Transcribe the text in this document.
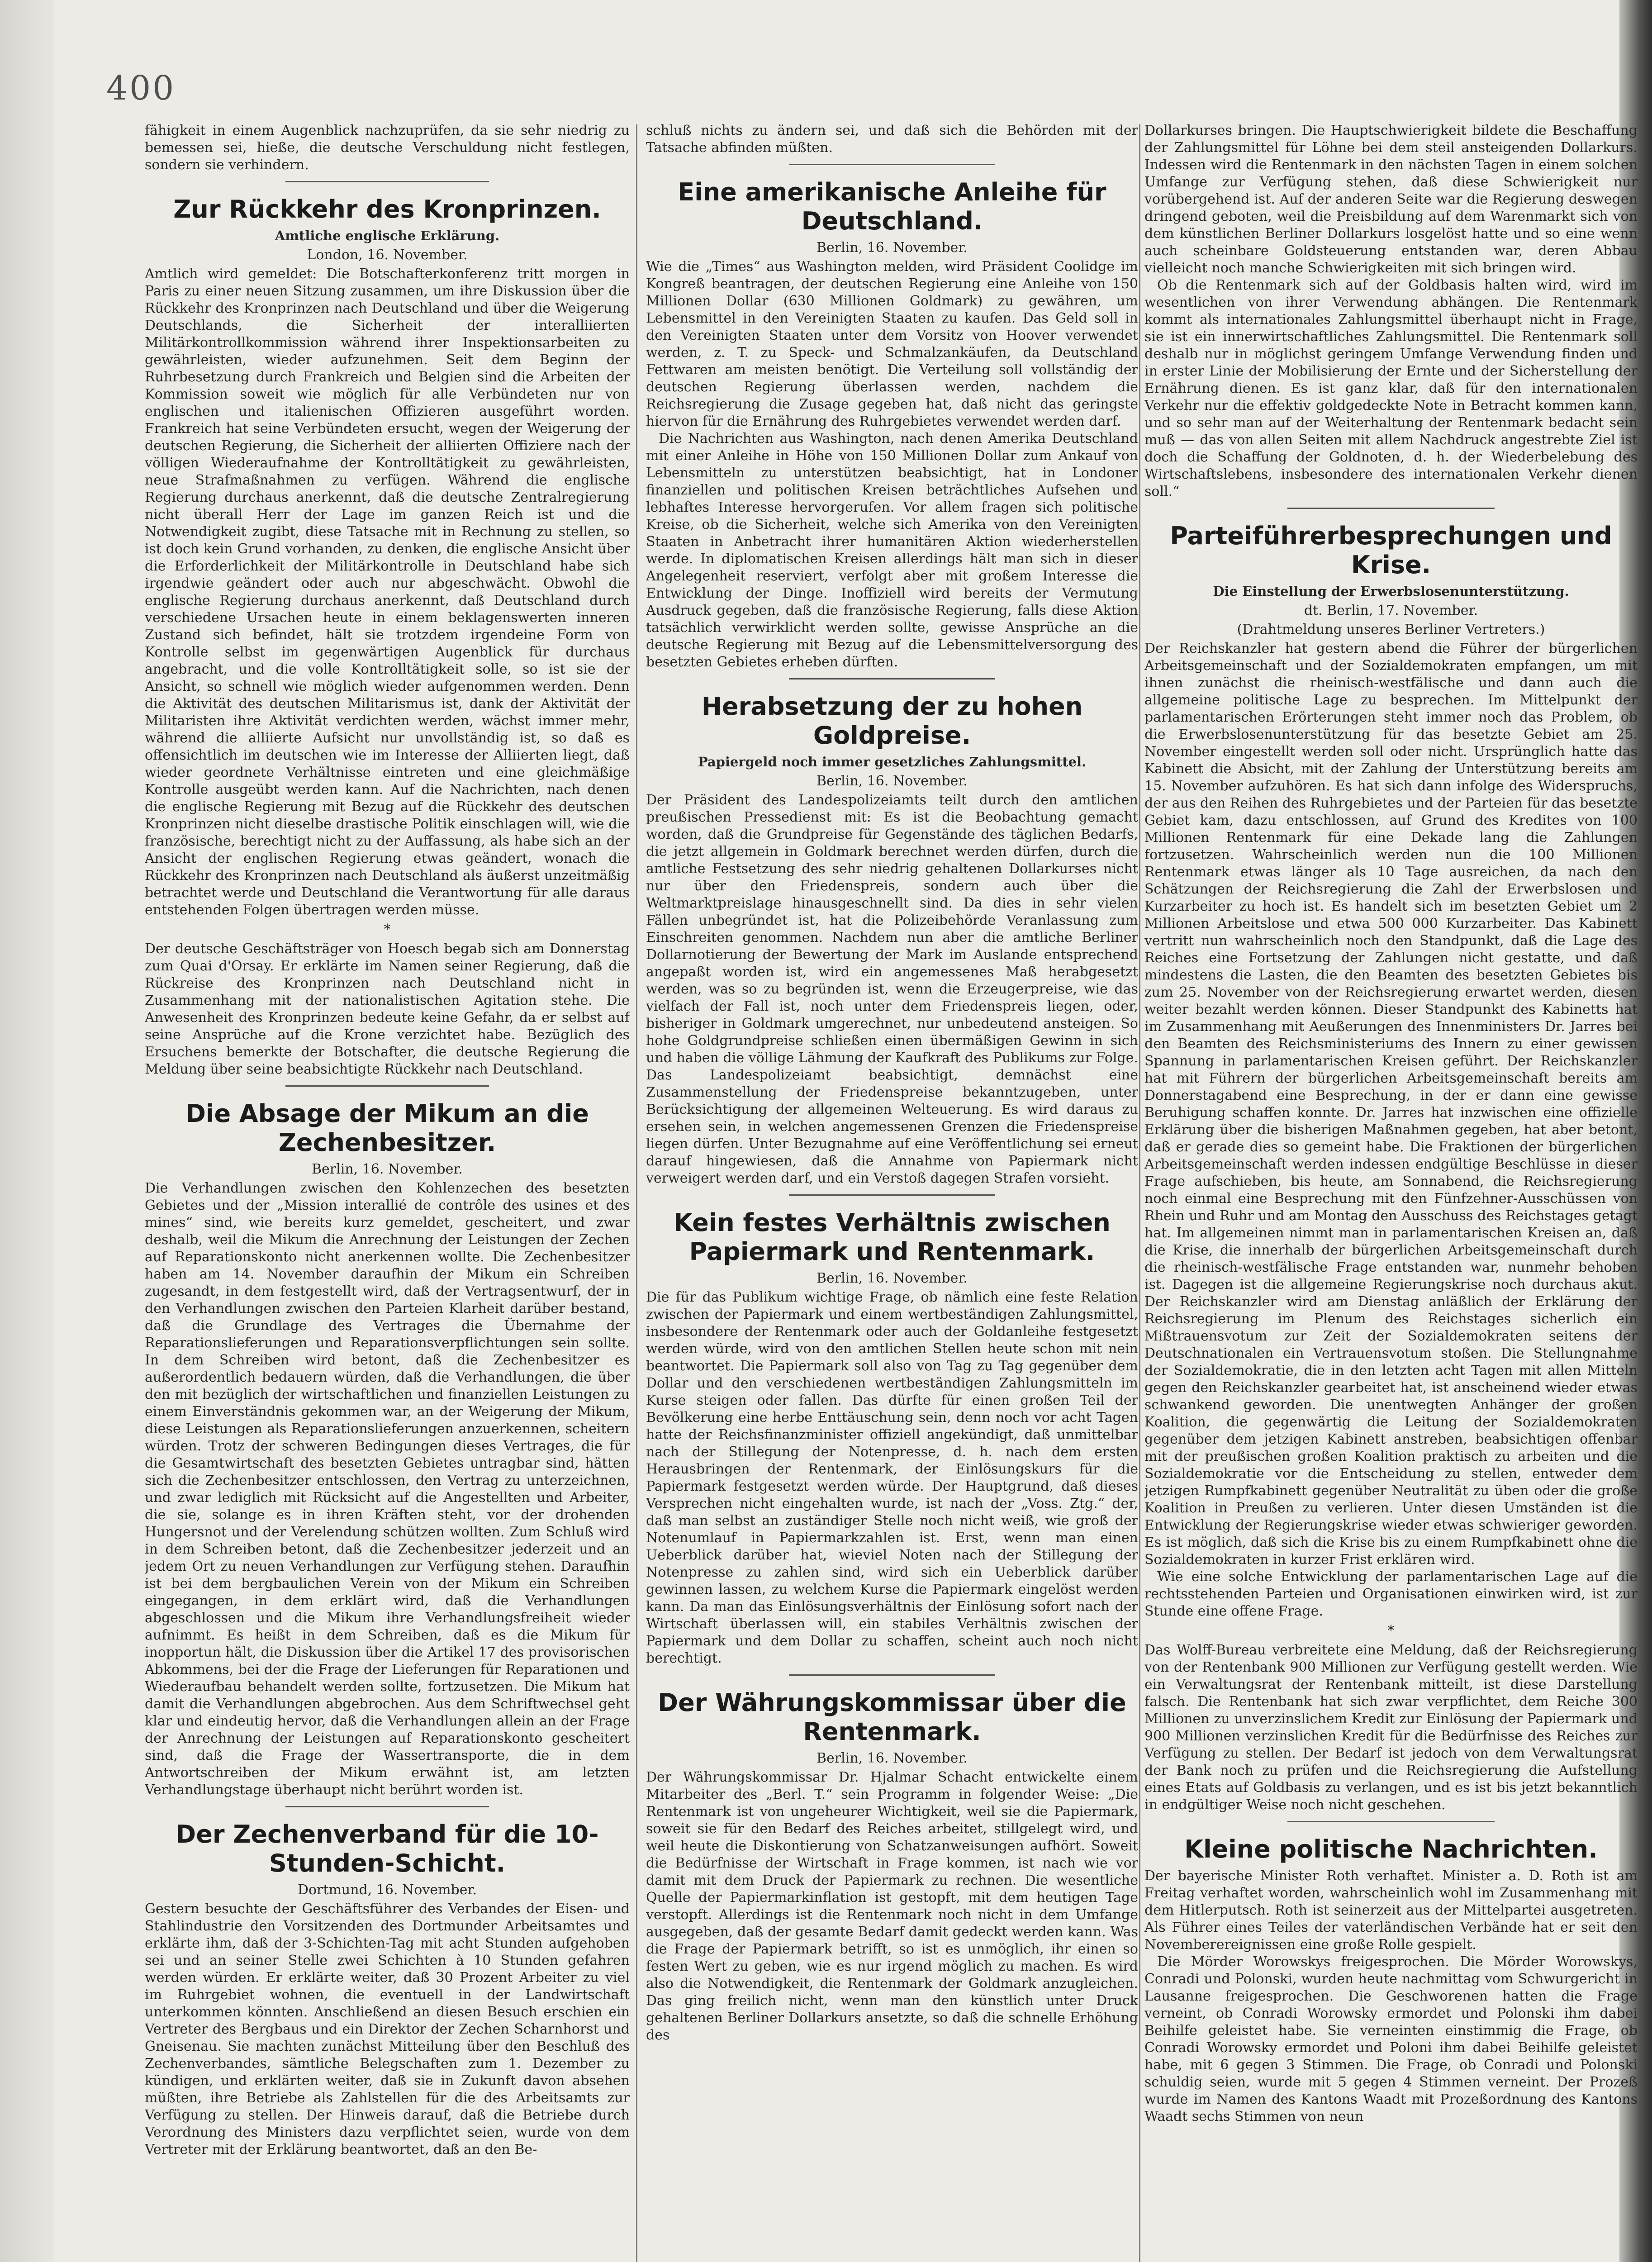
400

fähigkeit in einem Augenblick nachzuprüfen, da sie sehr niedrig zu bemessen sei, hieße, die deutsche Verschuldung nicht festlegen, sondern sie verhindern.

Zur Rückkehr des Kronprinzen.
Amtliche englische Erklärung.
London, 16. November.

Amtlich wird gemeldet: Die Botschafterkonferenz tritt morgen in Paris zu einer neuen Sitzung zusammen, um ihre Diskussion über die Rückkehr des Kronprinzen nach Deutschland und über die Weigerung Deutschlands, die Sicherheit der interalliierten Militärkontrollkommission während ihrer Inspektionsarbeiten zu gewährleisten, wieder aufzunehmen. Seit dem Beginn der Ruhrbesetzung durch Frankreich und Belgien sind die Arbeiten der Kommission soweit wie möglich für alle Verbündeten nur von englischen und italienischen Offizieren ausgeführt worden. Frankreich hat seine Verbündeten ersucht, wegen der Weigerung der deutschen Regierung, die Sicherheit der alliierten Offiziere nach der völligen Wiederaufnahme der Kontrolltätigkeit zu gewährleisten, neue Strafmaßnahmen zu verfügen. Während die englische Regierung durchaus anerkennt, daß die deutsche Zentralregierung nicht überall Herr der Lage im ganzen Reich ist und die Notwendigkeit zugibt, diese Tatsache mit in Rechnung zu stellen, so ist doch kein Grund vorhanden, zu denken, die englische Ansicht über die Erforderlichkeit der Militärkontrolle in Deutschland habe sich irgendwie geändert oder auch nur abgeschwächt. Obwohl die englische Regierung durchaus anerkennt, daß Deutschland durch verschiedene Ursachen heute in einem beklagenswerten inneren Zustand sich befindet, hält sie trotzdem irgendeine Form von Kontrolle selbst im gegenwärtigen Augenblick für durchaus angebracht, und die volle Kontrolltätigkeit solle, so ist sie der Ansicht, so schnell wie möglich wieder aufgenommen werden. Denn die Aktivität des deutschen Militarismus ist, dank der Aktivität der Militaristen ihre Aktivität verdichten werden, wächst immer mehr, während die alliierte Aufsicht nur unvollständig ist, so daß es offensichtlich im deutschen wie im Interesse der Alliierten liegt, daß wieder geordnete Verhältnisse eintreten und eine gleichmäßige Kontrolle ausgeübt werden kann. Auf die Nachrichten, nach denen die englische Regierung mit Bezug auf die Rückkehr des deutschen Kronprinzen nicht dieselbe drastische Politik einschlagen will, wie die französische, berechtigt nicht zu der Auffassung, als habe sich an der Ansicht der englischen Regierung etwas geändert, wonach die Rückkehr des Kronprinzen nach Deutschland als äußerst unzeitmäßig betrachtet werde und Deutschland die Verantwortung für alle daraus entstehenden Folgen übertragen werden müsse.

*

Der deutsche Geschäftsträger von Hoesch begab sich am Donnerstag zum Quai d'Orsay. Er erklärte im Namen seiner Regierung, daß die Rückreise des Kronprinzen nach Deutschland nicht in Zusammenhang mit der nationalistischen Agitation stehe. Die Anwesenheit des Kronprinzen bedeute keine Gefahr, da er selbst auf seine Ansprüche auf die Krone verzichtet habe. Bezüglich des Ersuchens bemerkte der Botschafter, die deutsche Regierung die Meldung über seine beabsichtigte Rückkehr nach Deutschland.

Die Absage der Mikum an die Zechenbesitzer.
Berlin, 16. November.

Die Verhandlungen zwischen den Kohlenzechen des besetzten Gebietes und der „Mission interallié de contrôle des usines et des mines“ sind, wie bereits kurz gemeldet, gescheitert, und zwar deshalb, weil die Mikum die Anrechnung der Leistungen der Zechen auf Reparationskonto nicht anerkennen wollte. Die Zechenbesitzer haben am 14. November daraufhin der Mikum ein Schreiben zugesandt, in dem festgestellt wird, daß der Vertragsentwurf, der in den Verhandlungen zwischen den Parteien Klarheit darüber bestand, daß die Grundlage des Vertrages die Übernahme der Reparationslieferungen und Reparationsverpflichtungen sein sollte. In dem Schreiben wird betont, daß die Zechenbesitzer es außerordentlich bedauern würden, daß die Verhandlungen, die über den mit bezüglich der wirtschaftlichen und finanziellen Leistungen zu einem Einverständnis gekommen war, an der Weigerung der Mikum, diese Leistungen als Reparationslieferungen anzuerkennen, scheitern würden. Trotz der schweren Bedingungen dieses Vertrages, die für die Gesamtwirtschaft des besetzten Gebietes untragbar sind, hätten sich die Zechenbesitzer entschlossen, den Vertrag zu unterzeichnen, und zwar lediglich mit Rücksicht auf die Angestellten und Arbeiter, die sie, solange es in ihren Kräften steht, vor der drohenden Hungersnot und der Verelendung schützen wollten. Zum Schluß wird in dem Schreiben betont, daß die Zechenbesitzer jederzeit und an jedem Ort zu neuen Verhandlungen zur Verfügung stehen. Daraufhin ist bei dem bergbaulichen Verein von der Mikum ein Schreiben eingegangen, in dem erklärt wird, daß die Verhandlungen abgeschlossen und die Mikum ihre Verhandlungsfreiheit wieder aufnimmt. Es heißt in dem Schreiben, daß es die Mikum für inopportun hält, die Diskussion über die Artikel 17 des provisorischen Abkommens, bei der die Frage der Lieferungen für Reparationen und Wiederaufbau behandelt werden sollte, fortzusetzen. Die Mikum hat damit die Verhandlungen abgebrochen. Aus dem Schriftwechsel geht klar und eindeutig hervor, daß die Verhandlungen allein an der Frage der Anrechnung der Leistungen auf Reparationskonto gescheitert sind, daß die Frage der Wassertransporte, die in dem Antwortschreiben der Mikum erwähnt ist, am letzten Verhandlungstage überhaupt nicht berührt worden ist.

Der Zechenverband für die 10-Stunden-Schicht.
Dortmund, 16. November.

Gestern besuchte der Geschäftsführer des Verbandes der Eisen- und Stahlindustrie den Vorsitzenden des Dortmunder Arbeitsamtes und erklärte ihm, daß der 3-Schichten-Tag mit acht Stunden aufgehoben sei und an seiner Stelle zwei Schichten à 10 Stunden gefahren werden würden. Er erklärte weiter, daß 30 Prozent Arbeiter zu viel im Ruhrgebiet wohnen, die eventuell in der Landwirtschaft unterkommen könnten. Anschließend an diesen Besuch erschien ein Vertreter des Bergbaus und ein Direktor der Zechen Scharnhorst und Gneisenau. Sie machten zunächst Mitteilung über den Beschluß des Zechenverbandes, sämtliche Belegschaften zum 1. Dezember zu kündigen, und erklärten weiter, daß sie in Zukunft davon absehen müßten, ihre Betriebe als Zahlstellen für die des Arbeitsamts zur Verfügung zu stellen. Der Hinweis darauf, daß die Betriebe durch Verordnung des Ministers dazu verpflichtet seien, wurde von dem Vertreter mit der Erklärung beantwortet, daß an den Be-

schluß nichts zu ändern sei, und daß sich die Behörden mit der Tatsache abfinden müßten.

Eine amerikanische Anleihe für Deutschland.
Berlin, 16. November.

Wie die „Times“ aus Washington melden, wird Präsident Coolidge im Kongreß beantragen, der deutschen Regierung eine Anleihe von 150 Millionen Dollar (630 Millionen Goldmark) zu gewähren, um Lebensmittel in den Vereinigten Staaten zu kaufen. Das Geld soll in den Vereinigten Staaten unter dem Vorsitz von Hoover verwendet werden, z. T. zu Speck- und Schmalzankäufen, da Deutschland Fettwaren am meisten benötigt. Die Verteilung soll vollständig der deutschen Regierung überlassen werden, nachdem die Reichsregierung die Zusage gegeben hat, daß nicht das geringste hiervon für die Ernährung des Ruhrgebietes verwendet werden darf.

Die Nachrichten aus Washington, nach denen Amerika Deutschland mit einer Anleihe in Höhe von 150 Millionen Dollar zum Ankauf von Lebensmitteln zu unterstützen beabsichtigt, hat in Londoner finanziellen und politischen Kreisen beträchtliches Aufsehen und lebhaftes Interesse hervorgerufen. Vor allem fragen sich politische Kreise, ob die Sicherheit, welche sich Amerika von den Vereinigten Staaten in Anbetracht ihrer humanitären Aktion wiederherstellen werde. In diplomatischen Kreisen allerdings hält man sich in dieser Angelegenheit reserviert, verfolgt aber mit großem Interesse die Entwicklung der Dinge. Inoffiziell wird bereits der Vermutung Ausdruck gegeben, daß die französische Regierung, falls diese Aktion tatsächlich verwirklicht werden sollte, gewisse Ansprüche an die deutsche Regierung mit Bezug auf die Lebensmittelversorgung des besetzten Gebietes erheben dürften.

Herabsetzung der zu hohen Goldpreise.
Papiergeld noch immer gesetzliches Zahlungsmittel.
Berlin, 16. November.

Der Präsident des Landespolizeiamts teilt durch den amtlichen preußischen Pressedienst mit: Es ist die Beobachtung gemacht worden, daß die Grundpreise für Gegenstände des täglichen Bedarfs, die jetzt allgemein in Goldmark berechnet werden dürfen, durch die amtliche Festsetzung des sehr niedrig gehaltenen Dollarkurses nicht nur über den Friedenspreis, sondern auch über die Weltmarktpreislage hinausgeschnellt sind. Da dies in sehr vielen Fällen unbegründet ist, hat die Polizeibehörde Veranlassung zum Einschreiten genommen. Nachdem nun aber die amtliche Berliner Dollarnotierung der Bewertung der Mark im Auslande entsprechend angepaßt worden ist, wird ein angemessenes Maß herabgesetzt werden, was so zu begründen ist, wenn die Erzeugerpreise, wie das vielfach der Fall ist, noch unter dem Friedenspreis liegen, oder, bisheriger in Goldmark umgerechnet, nur unbedeutend ansteigen. So hohe Goldgrundpreise schließen einen übermäßigen Gewinn in sich und haben die völlige Lähmung der Kaufkraft des Publikums zur Folge. Das Landespolizeiamt beabsichtigt, demnächst eine Zusammenstellung der Friedenspreise bekanntzugeben, unter Berücksichtigung der allgemeinen Welteuerung. Es wird daraus zu ersehen sein, in welchen angemessenen Grenzen die Friedenspreise liegen dürfen. Unter Bezugnahme auf eine Veröffentlichung sei erneut darauf hingewiesen, daß die Annahme von Papiermark nicht verweigert werden darf, und ein Verstoß dagegen Strafen vorsieht.

Kein festes Verhältnis zwischen Papiermark und Rentenmark.
Berlin, 16. November.

Die für das Publikum wichtige Frage, ob nämlich eine feste Relation zwischen der Papiermark und einem wertbeständigen Zahlungsmittel, insbesondere der Rentenmark oder auch der Goldanleihe festgesetzt werden würde, wird von den amtlichen Stellen heute schon mit nein beantwortet. Die Papiermark soll also von Tag zu Tag gegenüber dem Dollar und den verschiedenen wertbeständigen Zahlungsmitteln im Kurse steigen oder fallen. Das dürfte für einen großen Teil der Bevölkerung eine herbe Enttäuschung sein, denn noch vor acht Tagen hatte der Reichsfinanzminister offiziell angekündigt, daß unmittelbar nach der Stillegung der Notenpresse, d. h. nach dem ersten Herausbringen der Rentenmark, der Einlösungskurs für die Papiermark festgesetzt werden würde. Der Hauptgrund, daß dieses Versprechen nicht eingehalten wurde, ist nach der „Voss. Ztg.“ der, daß man selbst an zuständiger Stelle noch nicht weiß, wie groß der Notenumlauf in Papiermarkzahlen ist. Erst, wenn man einen Ueberblick darüber hat, wieviel Noten nach der Stillegung der Notenpresse zu zahlen sind, wird sich ein Ueberblick darüber gewinnen lassen, zu welchem Kurse die Papiermark eingelöst werden kann. Da man das Einlösungsverhältnis der Einlösung sofort nach der Wirtschaft überlassen will, ein stabiles Verhältnis zwischen der Papiermark und dem Dollar zu schaffen, scheint auch noch nicht berechtigt.

Der Währungskommissar über die Rentenmark.
Berlin, 16. November.

Der Währungskommissar Dr. Hjalmar Schacht entwickelte einem Mitarbeiter des „Berl. T.“ sein Programm in folgender Weise: „Die Rentenmark ist von ungeheurer Wichtigkeit, weil sie die Papiermark, soweit sie für den Bedarf des Reiches arbeitet, stillgelegt wird, und weil heute die Diskontierung von Schatzanweisungen aufhört. Soweit die Bedürfnisse der Wirtschaft in Frage kommen, ist nach wie vor damit mit dem Druck der Papiermark zu rechnen. Die wesentliche Quelle der Papiermarkinflation ist gestopft, mit dem heutigen Tage verstopft. Allerdings ist die Rentenmark noch nicht in dem Umfange ausgegeben, daß der gesamte Bedarf damit gedeckt werden kann. Was die Frage der Papiermark betrifft, so ist es unmöglich, ihr einen so festen Wert zu geben, wie es nur irgend möglich zu machen. Es wird also die Notwendigkeit, die Rentenmark der Goldmark anzugleichen. Das ging freilich nicht, wenn man den künstlich unter Druck gehaltenen Berliner Dollarkurs ansetzte, so daß die schnelle Erhöhung des

Dollarkurses bringen. Die Hauptschwierigkeit bildete die Beschaffung der Zahlungsmittel für Löhne bei dem steil ansteigenden Dollarkurs. Indessen wird die Rentenmark in den nächsten Tagen in einem solchen Umfange zur Verfügung stehen, daß diese Schwierigkeit nur vorübergehend ist. Auf der anderen Seite war die Regierung deswegen dringend geboten, weil die Preisbildung auf dem Warenmarkt sich von dem künstlichen Berliner Dollarkurs losgelöst hatte und so eine wenn auch scheinbare Goldsteuerung entstanden war, deren Abbau vielleicht noch manche Schwierigkeiten mit sich bringen wird.

Ob die Rentenmark sich auf der Goldbasis halten wird, wird im wesentlichen von ihrer Verwendung abhängen. Die Rentenmark kommt als internationales Zahlungsmittel überhaupt nicht in Frage, sie ist ein innerwirtschaftliches Zahlungsmittel. Die Rentenmark soll deshalb nur in möglichst geringem Umfange Verwendung finden und in erster Linie der Mobilisierung der Ernte und der Sicherstellung der Ernährung dienen. Es ist ganz klar, daß für den internationalen Verkehr nur die effektiv goldgedeckte Note in Betracht kommen kann, und so sehr man auf der Weiterhaltung der Rentenmark bedacht sein muß — das von allen Seiten mit allem Nachdruck angestrebte Ziel ist doch die Schaffung der Goldnoten, d. h. der Wiederbelebung des Wirtschaftslebens, insbesondere des internationalen Verkehr dienen soll.“

Parteiführerbesprechungen und Krise.
Die Einstellung der Erwerbslosenunterstützung.
dt. Berlin, 17. November.
(Drahtmeldung unseres Berliner Vertreters.)

Der Reichskanzler hat gestern abend die Führer der bürgerlichen Arbeitsgemeinschaft und der Sozialdemokraten empfangen, um mit ihnen zunächst die rheinisch-westfälische und dann auch die allgemeine politische Lage zu besprechen. Im Mittelpunkt der parlamentarischen Erörterungen steht immer noch das Problem, ob die Erwerbslosenunterstützung für das besetzte Gebiet am 25. November eingestellt werden soll oder nicht. Ursprünglich hatte das Kabinett die Absicht, mit der Zahlung der Unterstützung bereits am 15. November aufzuhören. Es hat sich dann infolge des Widerspruchs, der aus den Reihen des Ruhrgebietes und der Parteien für das besetzte Gebiet kam, dazu entschlossen, auf Grund des Kredites von 100 Millionen Rentenmark für eine Dekade lang die Zahlungen fortzusetzen. Wahrscheinlich werden nun die 100 Millionen Rentenmark etwas länger als 10 Tage ausreichen, da nach den Schätzungen der Reichsregierung die Zahl der Erwerbslosen und Kurzarbeiter zu hoch ist. Es handelt sich im besetzten Gebiet um 2 Millionen Arbeitslose und etwa 500 000 Kurzarbeiter. Das Kabinett vertritt nun wahrscheinlich noch den Standpunkt, daß die Lage des Reiches eine Fortsetzung der Zahlungen nicht gestatte, und daß mindestens die Lasten, die den Beamten des besetzten Gebietes bis zum 25. November von der Reichsregierung erwartet werden, diesen weiter bezahlt werden können. Dieser Standpunkt des Kabinetts hat im Zusammenhang mit Aeußerungen des Innenministers Dr. Jarres bei den Beamten des Reichsministeriums des Innern zu einer gewissen Spannung in parlamentarischen Kreisen geführt. Der Reichskanzler hat mit Führern der bürgerlichen Arbeitsgemeinschaft bereits am Donnerstagabend eine Besprechung, in der er dann eine gewisse Beruhigung schaffen konnte. Dr. Jarres hat inzwischen eine offizielle Erklärung über die bisherigen Maßnahmen gegeben, hat aber betont, daß er gerade dies so gemeint habe. Die Fraktionen der bürgerlichen Arbeitsgemeinschaft werden indessen endgültige Beschlüsse in dieser Frage aufschieben, bis heute, am Sonnabend, die Reichsregierung noch einmal eine Besprechung mit den Fünfzehner-Ausschüssen von Rhein und Ruhr und am Montag den Ausschuss des Reichstages getagt hat. Im allgemeinen nimmt man in parlamentarischen Kreisen an, daß die Krise, die innerhalb der bürgerlichen Arbeitsgemeinschaft durch die rheinisch-westfälische Frage entstanden war, nunmehr behoben ist. Dagegen ist die allgemeine Regierungskrise noch durchaus akut. Der Reichskanzler wird am Dienstag anläßlich der Erklärung der Reichsregierung im Plenum des Reichstages sicherlich ein Mißtrauensvotum zur Zeit der Sozialdemokraten seitens der Deutschnationalen ein Vertrauensvotum stoßen. Die Stellungnahme der Sozialdemokratie, die in den letzten acht Tagen mit allen Mitteln gegen den Reichskanzler gearbeitet hat, ist anscheinend wieder etwas schwankend geworden. Die unentwegten Anhänger der großen Koalition, die gegenwärtig die Leitung der Sozialdemokraten gegenüber dem jetzigen Kabinett anstreben, beabsichtigen offenbar mit der preußischen großen Koalition praktisch zu arbeiten und die Sozialdemokratie vor die Entscheidung zu stellen, entweder dem jetzigen Rumpfkabinett gegenüber Neutralität zu üben oder die große Koalition in Preußen zu verlieren. Unter diesen Umständen ist die Entwicklung der Regierungskrise wieder etwas schwieriger geworden. Es ist möglich, daß sich die Krise bis zu einem Rumpfkabinett ohne die Sozialdemokraten in kurzer Frist erklären wird.

Wie eine solche Entwicklung der parlamentarischen Lage auf die rechtsstehenden Parteien und Organisationen einwirken wird, ist zur Stunde eine offene Frage.

*

Das Wolff-Bureau verbreitete eine Meldung, daß der Reichsregierung von der Rentenbank 900 Millionen zur Verfügung gestellt werden. Wie ein Verwaltungsrat der Rentenbank mitteilt, ist diese Darstellung falsch. Die Rentenbank hat sich zwar verpflichtet, dem Reiche 300 Millionen zu unverzinslichem Kredit zur Einlösung der Papiermark und 900 Millionen verzinslichen Kredit für die Bedürfnisse des Reiches zur Verfügung zu stellen. Der Bedarf ist jedoch von dem Verwaltungsrat der Bank noch zu prüfen und die Reichsregierung die Aufstellung eines Etats auf Goldbasis zu verlangen, und es ist bis jetzt bekanntlich in endgültiger Weise noch nicht geschehen.

Kleine politische Nachrichten.

Der bayerische Minister Roth verhaftet. Minister a. D. Roth ist am Freitag verhaftet worden, wahrscheinlich wohl im Zusammenhang mit dem Hitlerputsch. Roth ist seinerzeit aus der Mittelpartei ausgetreten. Als Führer eines Teiles der vaterländischen Verbände hat er seit den Novemberereignissen eine große Rolle gespielt.

Die Mörder Worowskys freigesprochen. Die Mörder Worowskys, Conradi und Polonski, wurden heute nachmittag vom Schwurgericht in Lausanne freigesprochen. Die Geschworenen hatten die Frage verneint, ob Conradi Worowsky ermordet und Polonski ihm dabei Beihilfe geleistet habe. Sie verneinten einstimmig die Frage, ob Conradi Worowsky ermordet und Poloni ihm dabei Beihilfe geleistet habe, mit 6 gegen 3 Stimmen. Die Frage, ob Conradi und Polonski schuldig seien, wurde mit 5 gegen 4 Stimmen verneint. Der Prozeß wurde im Namen des Kantons Waadt mit Prozeßordnung des Kantons Waadt sechs Stimmen von neun
